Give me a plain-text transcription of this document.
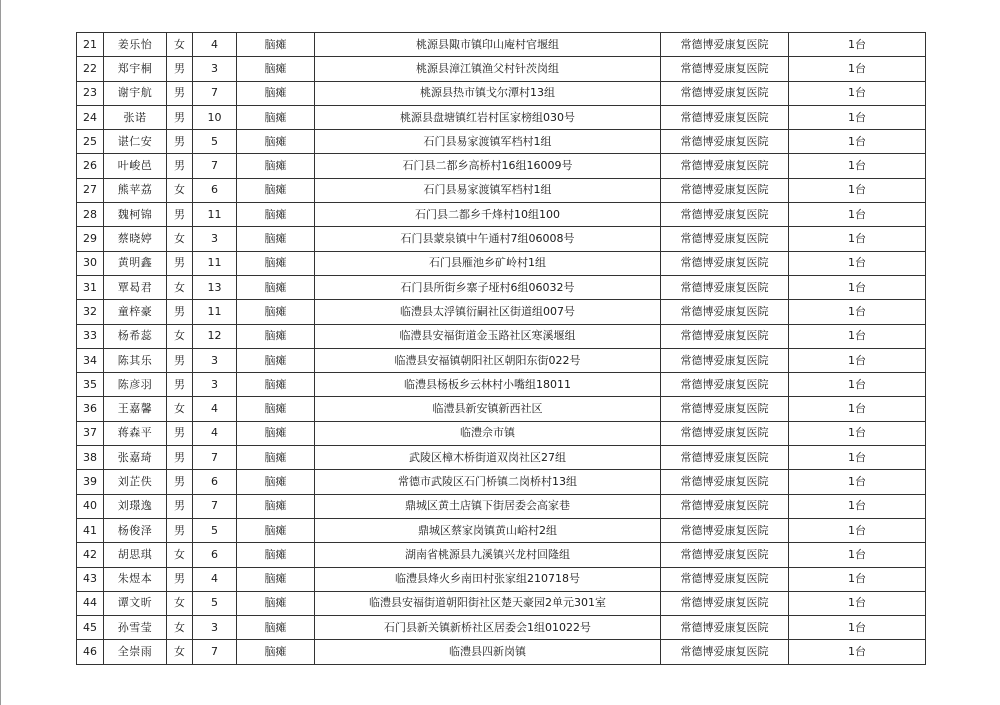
21	姜乐怡	女	4	脑瘫	桃源县陬市镇印山庵村官堰组	常德博爱康复医院	1台
22	郑宇桐	男	3	脑瘫	桃源县漳江镇渔父村针茨岗组	常德博爱康复医院	1台
23	谢宇航	男	7	脑瘫	桃源县热市镇戈尔潭村13组	常德博爱康复医院	1台
24	张诺	男	10	脑瘫	桃源县盘塘镇红岩村匡家榜组030号	常德博爱康复医院	1台
25	谌仁安	男	5	脑瘫	石门县易家渡镇军档村1组	常德博爱康复医院	1台
26	叶峻邑	男	7	脑瘫	石门县二都乡高桥村16组16009号	常德博爱康复医院	1台
27	熊苹荔	女	6	脑瘫	石门县易家渡镇军档村1组	常德博爱康复医院	1台
28	魏柯锦	男	11	脑瘫	石门县二都乡千烽村10组100	常德博爱康复医院	1台
29	蔡晓婷	女	3	脑瘫	石门县蒙泉镇中午通村7组06008号	常德博爱康复医院	1台
30	黄明鑫	男	11	脑瘫	石门县雁池乡矿岭村1组	常德博爱康复医院	1台
31	覃曷君	女	13	脑瘫	石门县所街乡寨子垭村6组06032号	常德博爱康复医院	1台
32	童梓豪	男	11	脑瘫	临澧县太浮镇衍嗣社区街道组007号	常德博爱康复医院	1台
33	杨希蕊	女	12	脑瘫	临澧县安福街道金玉路社区寒溪堰组	常德博爱康复医院	1台
34	陈其乐	男	3	脑瘫	临澧县安福镇朝阳社区朝阳东街022号	常德博爱康复医院	1台
35	陈彦羽	男	3	脑瘫	临澧县杨板乡云林村小嘴组18011	常德博爱康复医院	1台
36	王嘉馨	女	4	脑瘫	临澧县新安镇新西社区	常德博爱康复医院	1台
37	蒋森平	男	4	脑瘫	临澧佘市镇	常德博爱康复医院	1台
38	张嘉琦	男	7	脑瘫	武陵区樟木桥街道双岗社区27组	常德博爱康复医院	1台
39	刘芷佚	男	6	脑瘫	常德市武陵区石门桥镇二岗桥村13组	常德博爱康复医院	1台
40	刘璟逸	男	7	脑瘫	鼎城区黄土店镇下街居委会高家巷	常德博爱康复医院	1台
41	杨俊泽	男	5	脑瘫	鼎城区蔡家岗镇黄山峪村2组	常德博爱康复医院	1台
42	胡思琪	女	6	脑瘫	湖南省桃源县九溪镇兴龙村回隆组	常德博爱康复医院	1台
43	朱煜本	男	4	脑瘫	临澧县烽火乡南田村张家组210718号	常德博爱康复医院	1台
44	谭文昕	女	5	脑瘫	临澧县安福街道朝阳街社区楚天豪园2单元301室	常德博爱康复医院	1台
45	孙雪莹	女	3	脑瘫	石门县新关镇新桥社区居委会1组01022号	常德博爱康复医院	1台
46	全崇雨	女	7	脑瘫	临澧县四新岗镇	常德博爱康复医院	1台
